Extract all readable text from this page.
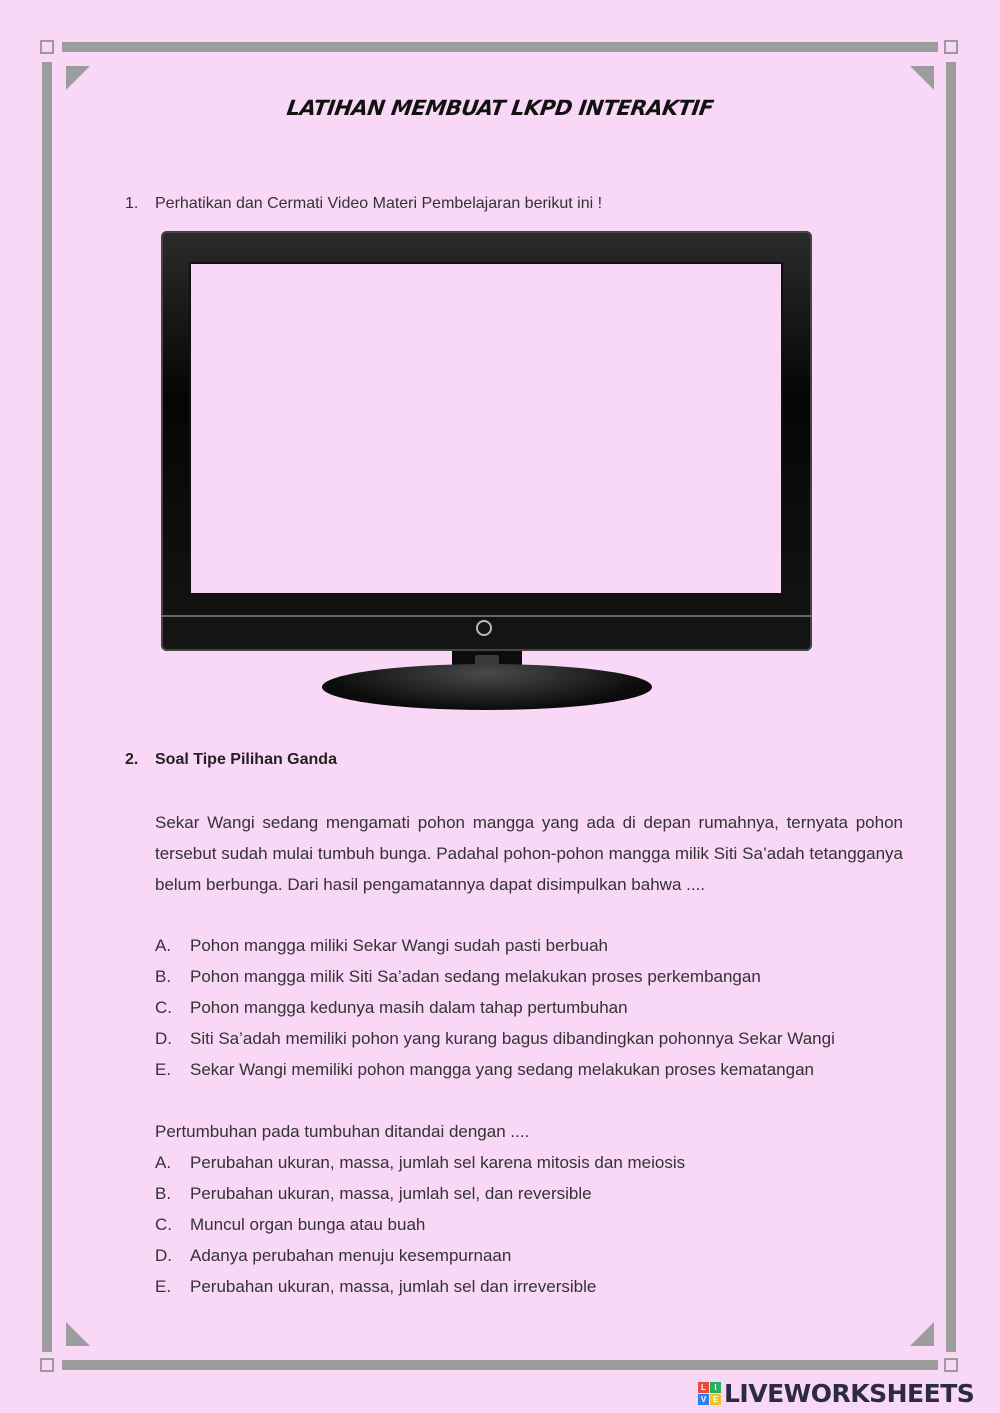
LATIHAN MEMBUAT LKPD INTERAKTIF
1. Perhatikan dan Cermati Video Materi Pembelajaran berikut ini !
2. Soal Tipe Pilihan Ganda

Sekar Wangi sedang mengamati pohon mangga yang ada di depan rumahnya, ternyata pohon tersebut sudah mulai tumbuh bunga. Padahal pohon-pohon mangga milik Siti Sa’adah tetangganya belum berbunga. Dari hasil pengamatannya dapat disimpulkan bahwa ....

A. Pohon mangga miliki Sekar Wangi sudah pasti berbuah
B. Pohon mangga milik Siti Sa’adan sedang melakukan proses perkembangan
C. Pohon mangga kedunya masih dalam tahap pertumbuhan
D. Siti Sa’adah memiliki pohon yang kurang bagus dibandingkan pohonnya Sekar Wangi
E. Sekar Wangi memiliki pohon mangga yang sedang melakukan proses kematangan

Pertumbuhan pada tumbuhan ditandai dengan ....

A. Perubahan ukuran, massa, jumlah sel karena mitosis dan meiosis
B. Perubahan ukuran, massa, jumlah sel, dan reversible
C. Muncul organ bunga atau buah
D. Adanya perubahan menuju kesempurnaan
E. Perubahan ukuran, massa, jumlah sel dan irreversible
L	I
V E LIVEWORKSHEETS
